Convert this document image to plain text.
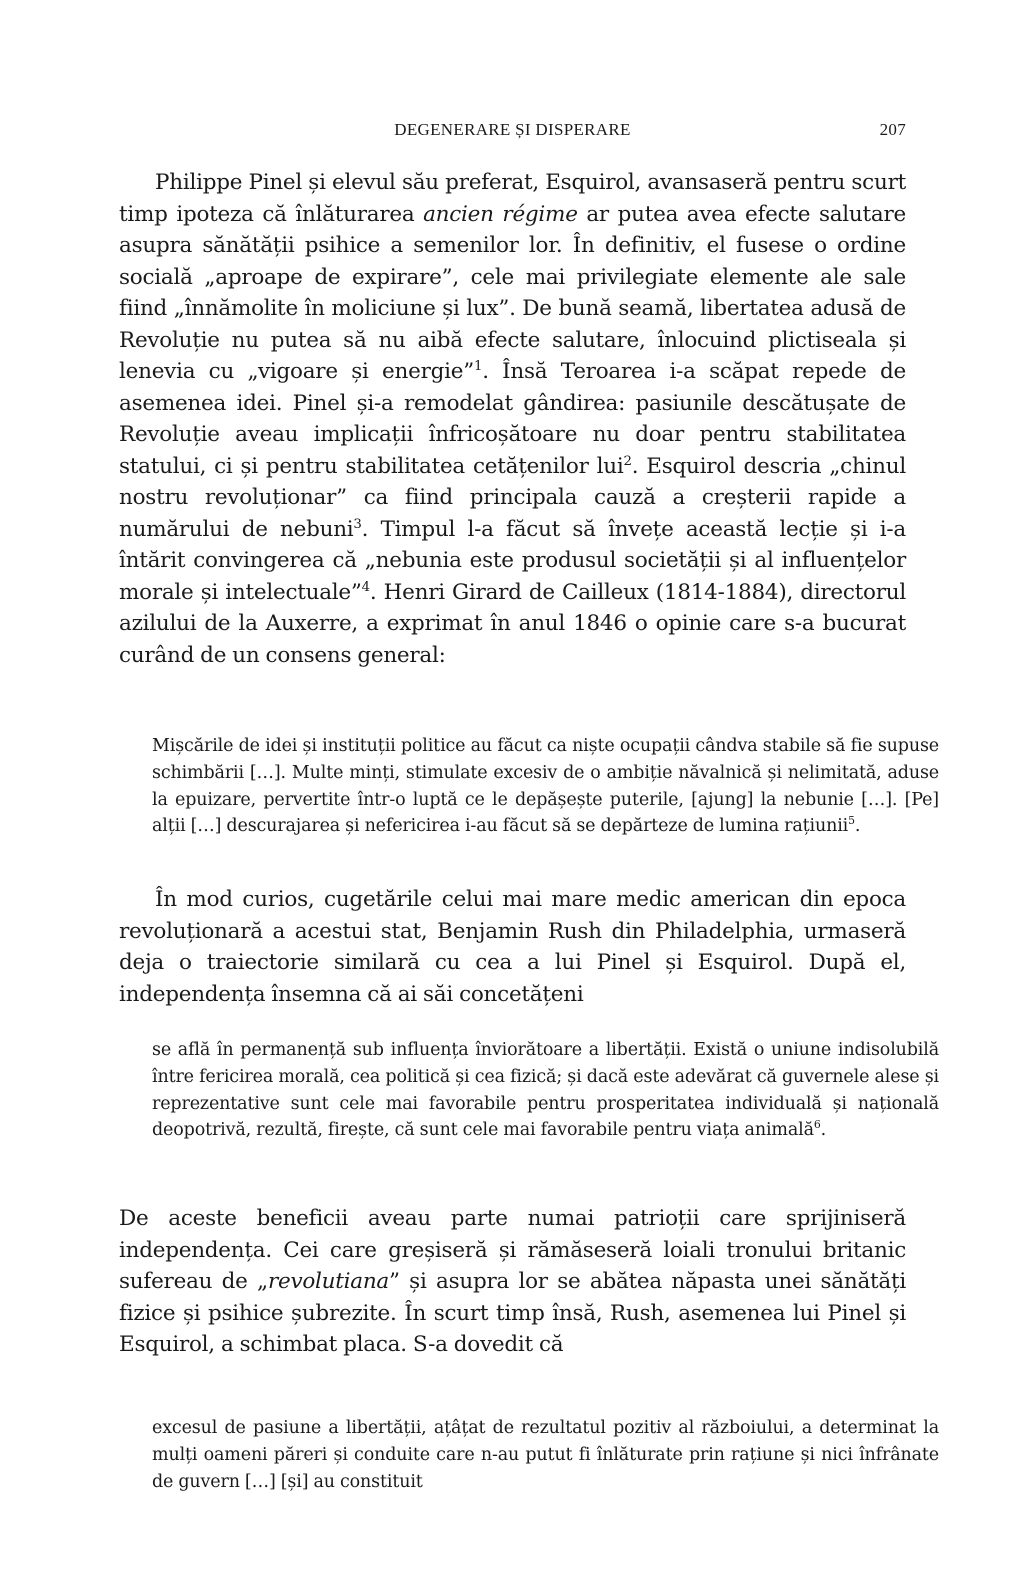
DEGENERARE ȘI DISPERARE	207

Philippe Pinel și elevul său preferat, Esquirol, avansaseră pentru scurt timp ipoteza că înlăturarea ancien régime ar putea avea efecte salutare asupra sănătății psihice a semenilor lor. În definitiv, el fusese o ordine socială „aproape de expirare”, cele mai privilegiate elemente ale sale fiind „înnămolite în moliciune și lux”. De bună seamă, libertatea adusă de Revoluție nu putea să nu aibă efecte salutare, înlocuind plictiseala și lenevia cu „vigoare și energie”$^1$. Însă Teroarea i-a scăpat repede de asemenea idei. Pinel și-a remodelat gândirea: pasiunile descătușate de Revoluție aveau implicații înfricoșătoare nu doar pentru stabilitatea statului, ci și pentru stabilitatea cetățenilor lui$^2$. Esquirol descria „chinul nostru revoluționar” ca fiind principala cauză a creșterii rapide a numărului de nebuni$^3$. Timpul l-a făcut să învețe această lecție și i-a întărit convingerea că „nebunia este produsul societății și al influențelor morale și intelectuale”$^4$. Henri Girard de Cailleux (1814-1884), directorul azilului de la Auxerre, a exprimat în anul 1846 o opinie care s-a bucurat curând de un consens general:

Mișcările de idei și instituții politice au făcut ca niște ocupații cândva stabile să fie supuse schimbării […]. Multe minți, stimulate excesiv de o ambiție năvalnică și nelimitată, aduse la epuizare, pervertite într-o luptă ce le depășește puterile, [ajung] la nebunie […]. [Pe] alții […] descurajarea și nefericirea i-au făcut să se depărteze de lumina rațiunii$^5$.

În mod curios, cugetările celui mai mare medic american din epoca revoluționară a acestui stat, Benjamin Rush din Philadelphia, urmaseră deja o traiectorie similară cu cea a lui Pinel și Esquirol. După el, independența însemna că ai săi concetățeni

se află în permanență sub influența înviorătoare a libertății. Există o uniune indisolubilă între fericirea morală, cea politică și cea fizică; și dacă este adevărat că guvernele alese și reprezentative sunt cele mai favorabile pentru prosperitatea individuală și națională deopotrivă, rezultă, firește, că sunt cele mai favorabile pentru viața animală$^6$.

De aceste beneficii aveau parte numai patrioții care sprijiniseră independența. Cei care greșiseră și rămăseseră loiali tronului britanic sufereau de „revolutiana” și asupra lor se abătea năpasta unei sănătăți fizice și psihice șubrezite. În scurt timp însă, Rush, asemenea lui Pinel și Esquirol, a schimbat placa. S-a dovedit că

excesul de pasiune a libertății, ațâțat de rezultatul pozitiv al războiului, a determinat la mulți oameni păreri și conduite care n-au putut fi înlăturate prin rațiune și nici înfrânate de guvern […] [și] au constituit
